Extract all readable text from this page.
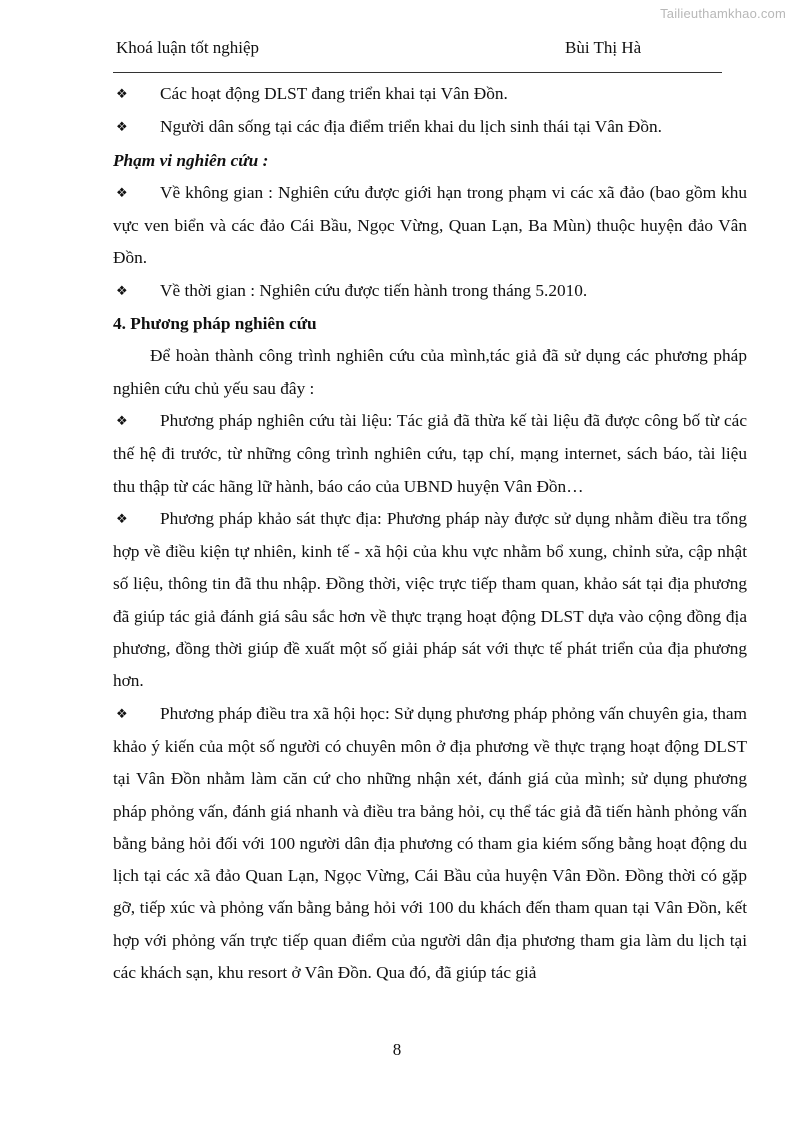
Tailieuthamkhao.com
Khoá luận tốt nghiệp	Bùi Thị Hà

❖ Các hoạt động DLST đang triển khai tại Vân Đồn.

❖ Người dân sống tại các địa điểm triển khai du lịch sinh thái tại Vân Đồn.

Phạm vi nghiên cứu :

❖ Về không gian : Nghiên cứu được giới hạn trong phạm vi các xã đảo (bao gồm khu vực ven biển và các đảo Cái Bầu, Ngọc Vừng, Quan Lạn, Ba Mùn) thuộc huyện đảo Vân Đồn.

❖ Về thời gian : Nghiên cứu được tiến hành trong tháng 5.2010.

4. Phương pháp nghiên cứu

Để hoàn thành công trình nghiên cứu của mình,tác giả đã sử dụng các phương pháp nghiên cứu chủ yếu sau đây :

❖ Phương pháp nghiên cứu tài liệu: Tác giả đã thừa kế tài liệu đã được công bố từ các thế hệ đi trước, từ những công trình nghiên cứu, tạp chí, mạng internet, sách báo, tài liệu thu thập từ các hãng lữ hành, báo cáo của UBND huyện Vân Đồn…

❖ Phương pháp khảo sát thực địa: Phương pháp này được sử dụng nhằm điều tra tổng hợp về điều kiện tự nhiên, kinh tế - xã hội của khu vực nhằm bổ xung, chỉnh sửa, cập nhật số liệu, thông tin đã thu nhập. Đồng thời, việc trực tiếp tham quan, khảo sát tại địa phương đã giúp tác giả đánh giá sâu sắc hơn về thực trạng hoạt động DLST dựa vào cộng đồng địa phương, đồng thời giúp đề xuất một số giải pháp sát với thực tế phát triển của địa phương hơn.

❖ Phương pháp điều tra xã hội học: Sử dụng phương pháp phỏng vấn chuyên gia, tham khảo ý kiến của một số người có chuyên môn ở địa phương về thực trạng hoạt động DLST tại Vân Đồn nhằm làm căn cứ cho những nhận xét, đánh giá của mình; sử dụng phương pháp phỏng vấn, đánh giá nhanh và điều tra bảng hỏi, cụ thể tác giả đã tiến hành phỏng vấn bằng bảng hỏi đối với 100 người dân địa phương có tham gia kiém sống bằng hoạt động du lịch tại các xã đảo Quan Lạn, Ngọc Vừng, Cái Bầu của huyện Vân Đồn. Đồng thời có gặp gỡ, tiếp xúc và phỏng vấn bằng bảng hỏi với 100 du khách đến tham quan tại Vân Đồn, kết hợp với phỏng vấn trực tiếp quan điểm của người dân địa phương tham gia làm du lịch tại các khách sạn, khu resort ở Vân Đồn. Qua đó, đã giúp tác giả

8
